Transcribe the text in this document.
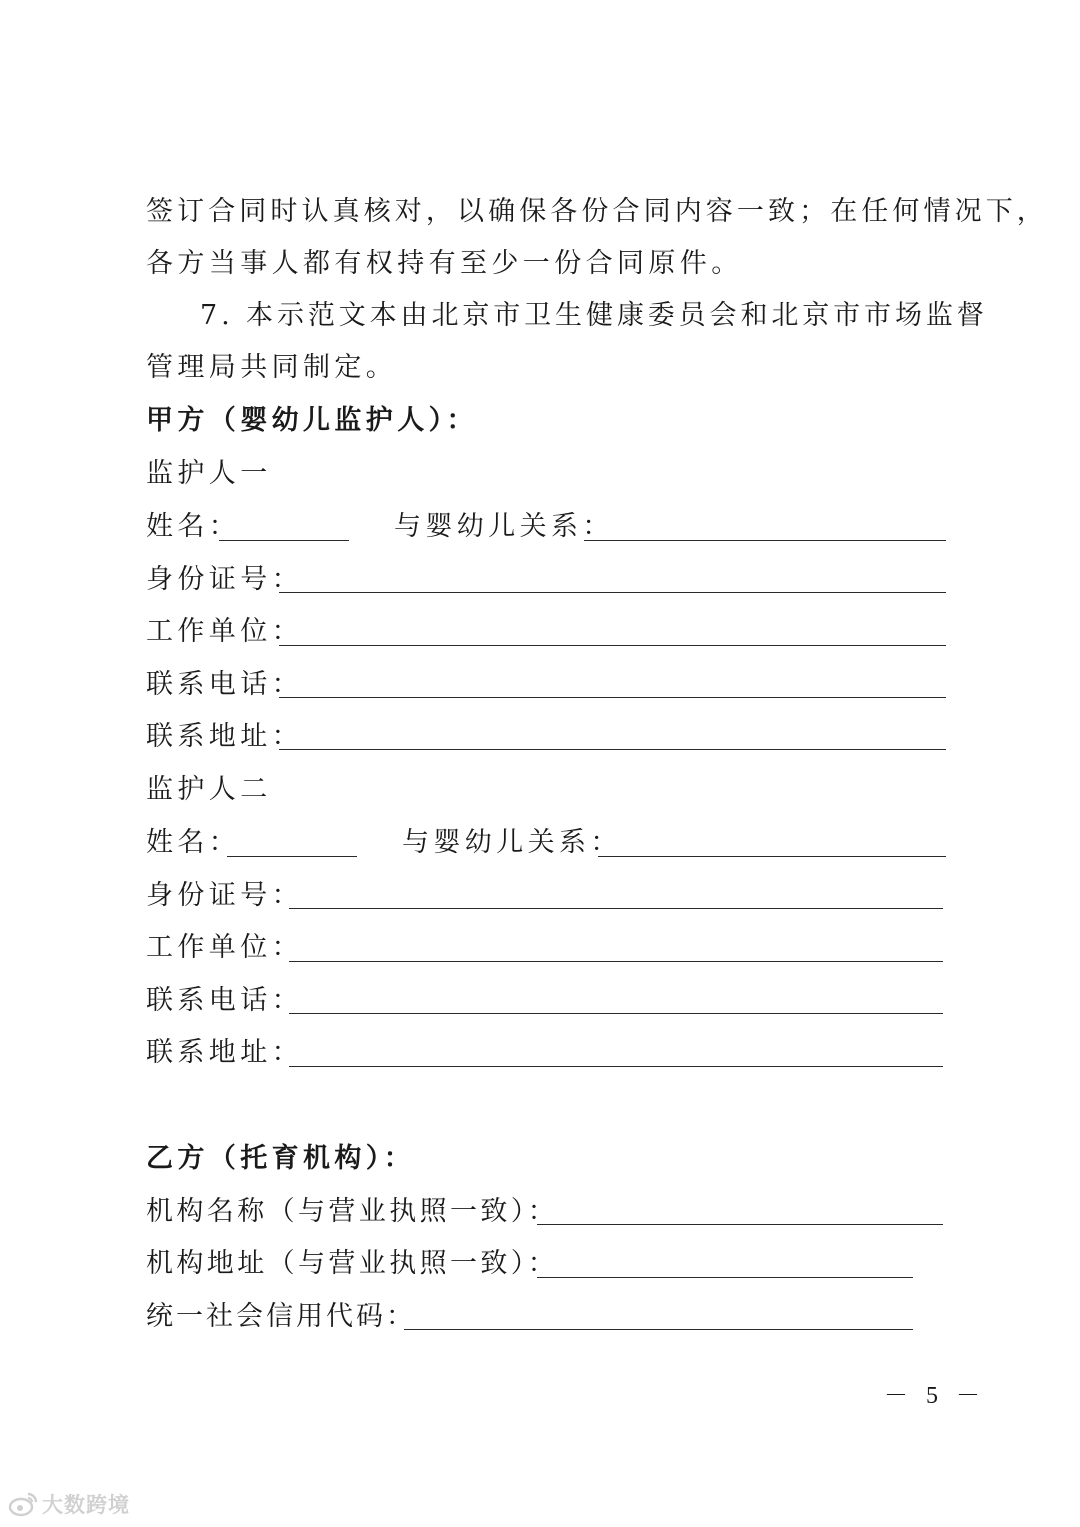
签订合同时认真核对，以确保各份合同内容一致；在任何情况下，

各方当事人都有权持有至少一份合同原件。

7. 本示范文本由北京市卫生健康委员会和北京市市场监督

管理局共同制定。

甲方（婴幼儿监护人）：

监护人一

姓名：	与婴幼儿关系：

身份证号：

工作单位：

联系电话：

联系地址：

监护人二

姓名：	与婴幼儿关系：

身份证号：

工作单位：

联系电话：

联系地址：

乙方（托育机构）：

机构名称（与营业执照一致）：

机构地址（与营业执照一致）：

统一社会信用代码：

－ 5 －
大数跨境
